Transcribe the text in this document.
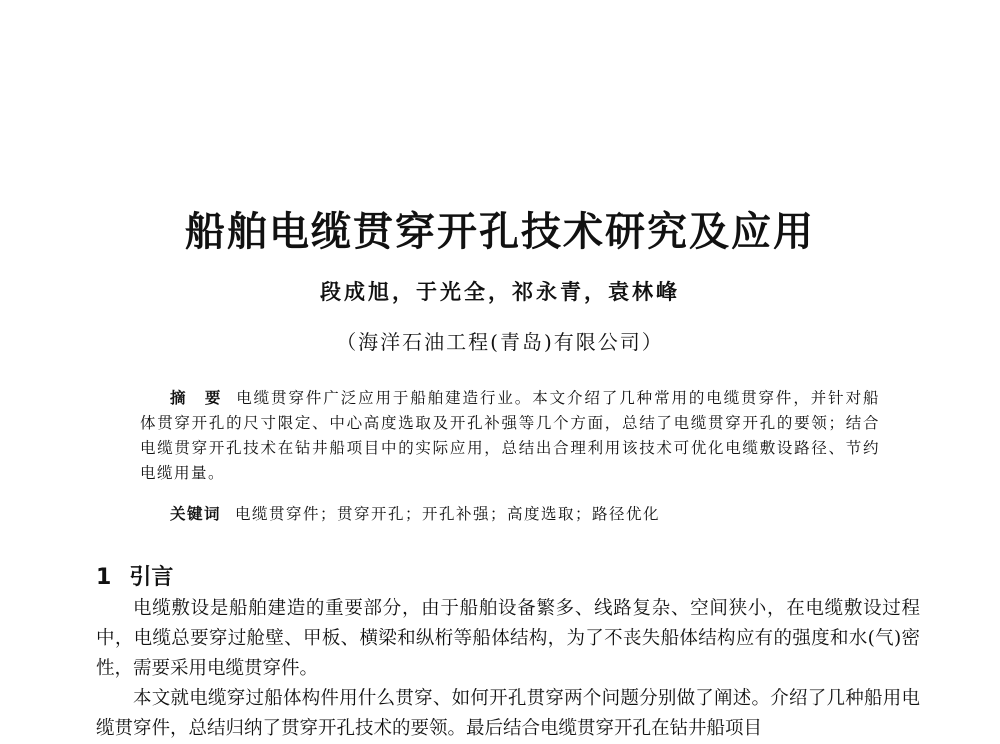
船舶电缆贯穿开孔技术研究及应用
段成旭，于光全，祁永青，袁林峰
（海洋石油工程(青岛)有限公司）

摘　要 电缆贯穿件广泛应用于船舶建造行业。本文介绍了几种常用的电缆贯穿件，并针对船体贯穿开孔的尺寸限定、中心高度选取及开孔补强等几个方面，总结了电缆贯穿开孔的要领；结合电缆贯穿开孔技术在钻井船项目中的实际应用，总结出合理利用该技术可优化电缆敷设路径、节约电缆用量。

关键词 电缆贯穿件；贯穿开孔；开孔补强；高度选取；路径优化

1 引言

电缆敷设是船舶建造的重要部分，由于船舶设备繁多、线路复杂、空间狭小，在电缆敷设过程中，电缆总要穿过舱壁、甲板、横梁和纵桁等船体结构，为了不丧失船体结构应有的强度和水(气)密性，需要采用电缆贯穿件。

本文就电缆穿过船体构件用什么贯穿、如何开孔贯穿两个问题分别做了阐述。介绍了几种船用电缆贯穿件，总结归纳了贯穿开孔技术的要领。最后结合电缆贯穿开孔在钻井船项目
